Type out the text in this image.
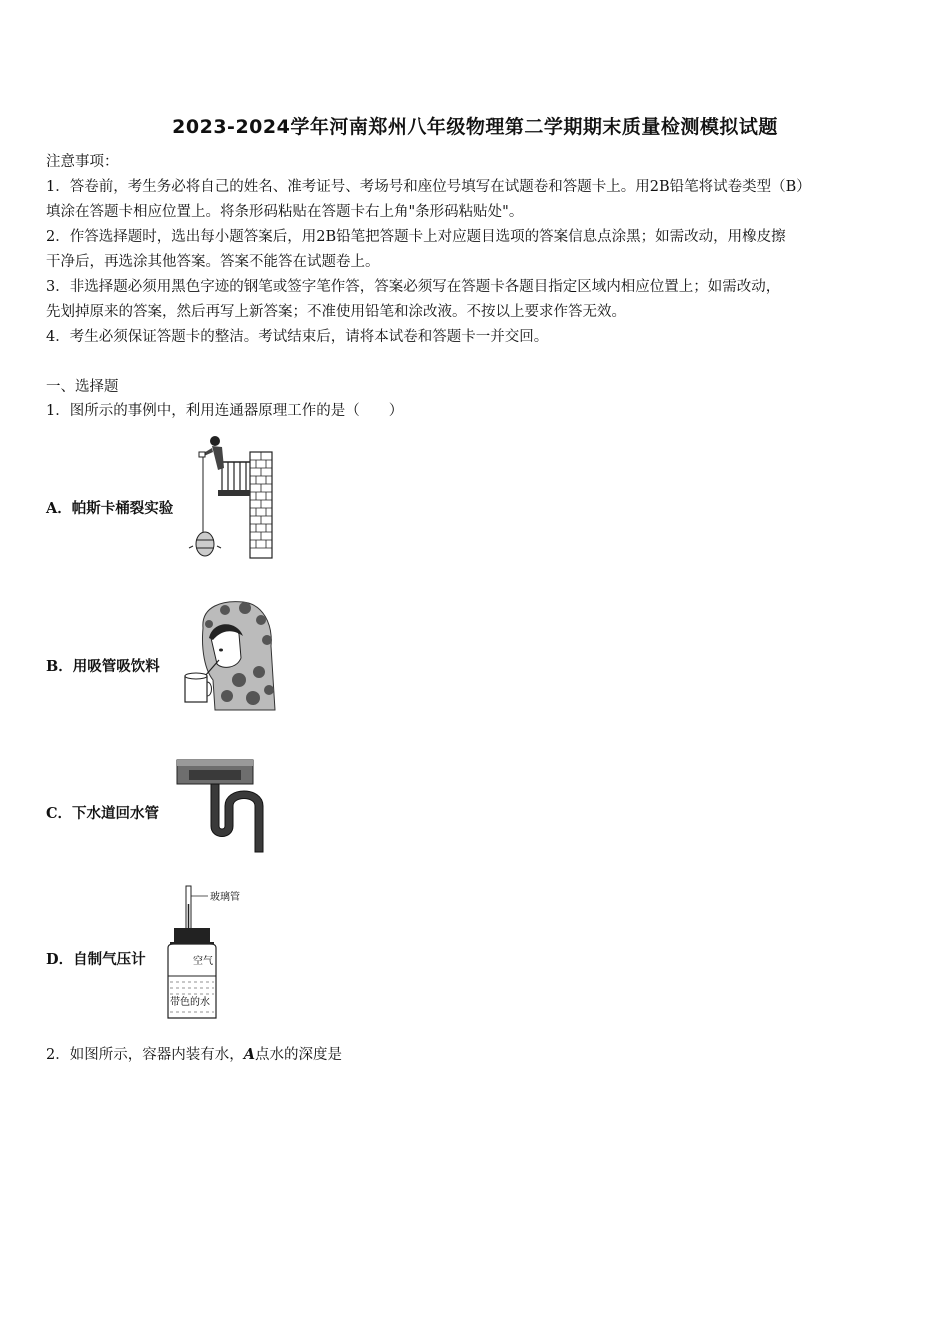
2023-2024学年河南郑州八年级物理第二学期期末质量检测模拟试题
注意事项：
1．答卷前，考生务必将自己的姓名、准考证号、考场号和座位号填写在试题卷和答题卡上。用2B铅笔将试卷类型（B）
填涂在答题卡相应位置上。将条形码粘贴在答题卡右上角"条形码粘贴处"。
2．作答选择题时，选出每小题答案后，用2B铅笔把答题卡上对应题目选项的答案信息点涂黑；如需改动，用橡皮擦
干净后，再选涂其他答案。答案不能答在试题卷上。
3．非选择题必须用黑色字迹的钢笔或签字笔作答，答案必须写在答题卡各题目指定区域内相应位置上；如需改动，
先划掉原来的答案，然后再写上新答案；不准使用铅笔和涂改液。不按以上要求作答无效。
4．考生必须保证答题卡的整洁。考试结束后，请将本试卷和答题卡一并交回。
一、选择题
1．图所示的事例中，利用连通器原理工作的是（　　）
A．帕斯卡桶裂实验
B．用吸管吸饮料
C．下水道回水管
D．自制气压计
玻璃管
空气
带色的水
2．如图所示，容器内装有水，A点水的深度是
